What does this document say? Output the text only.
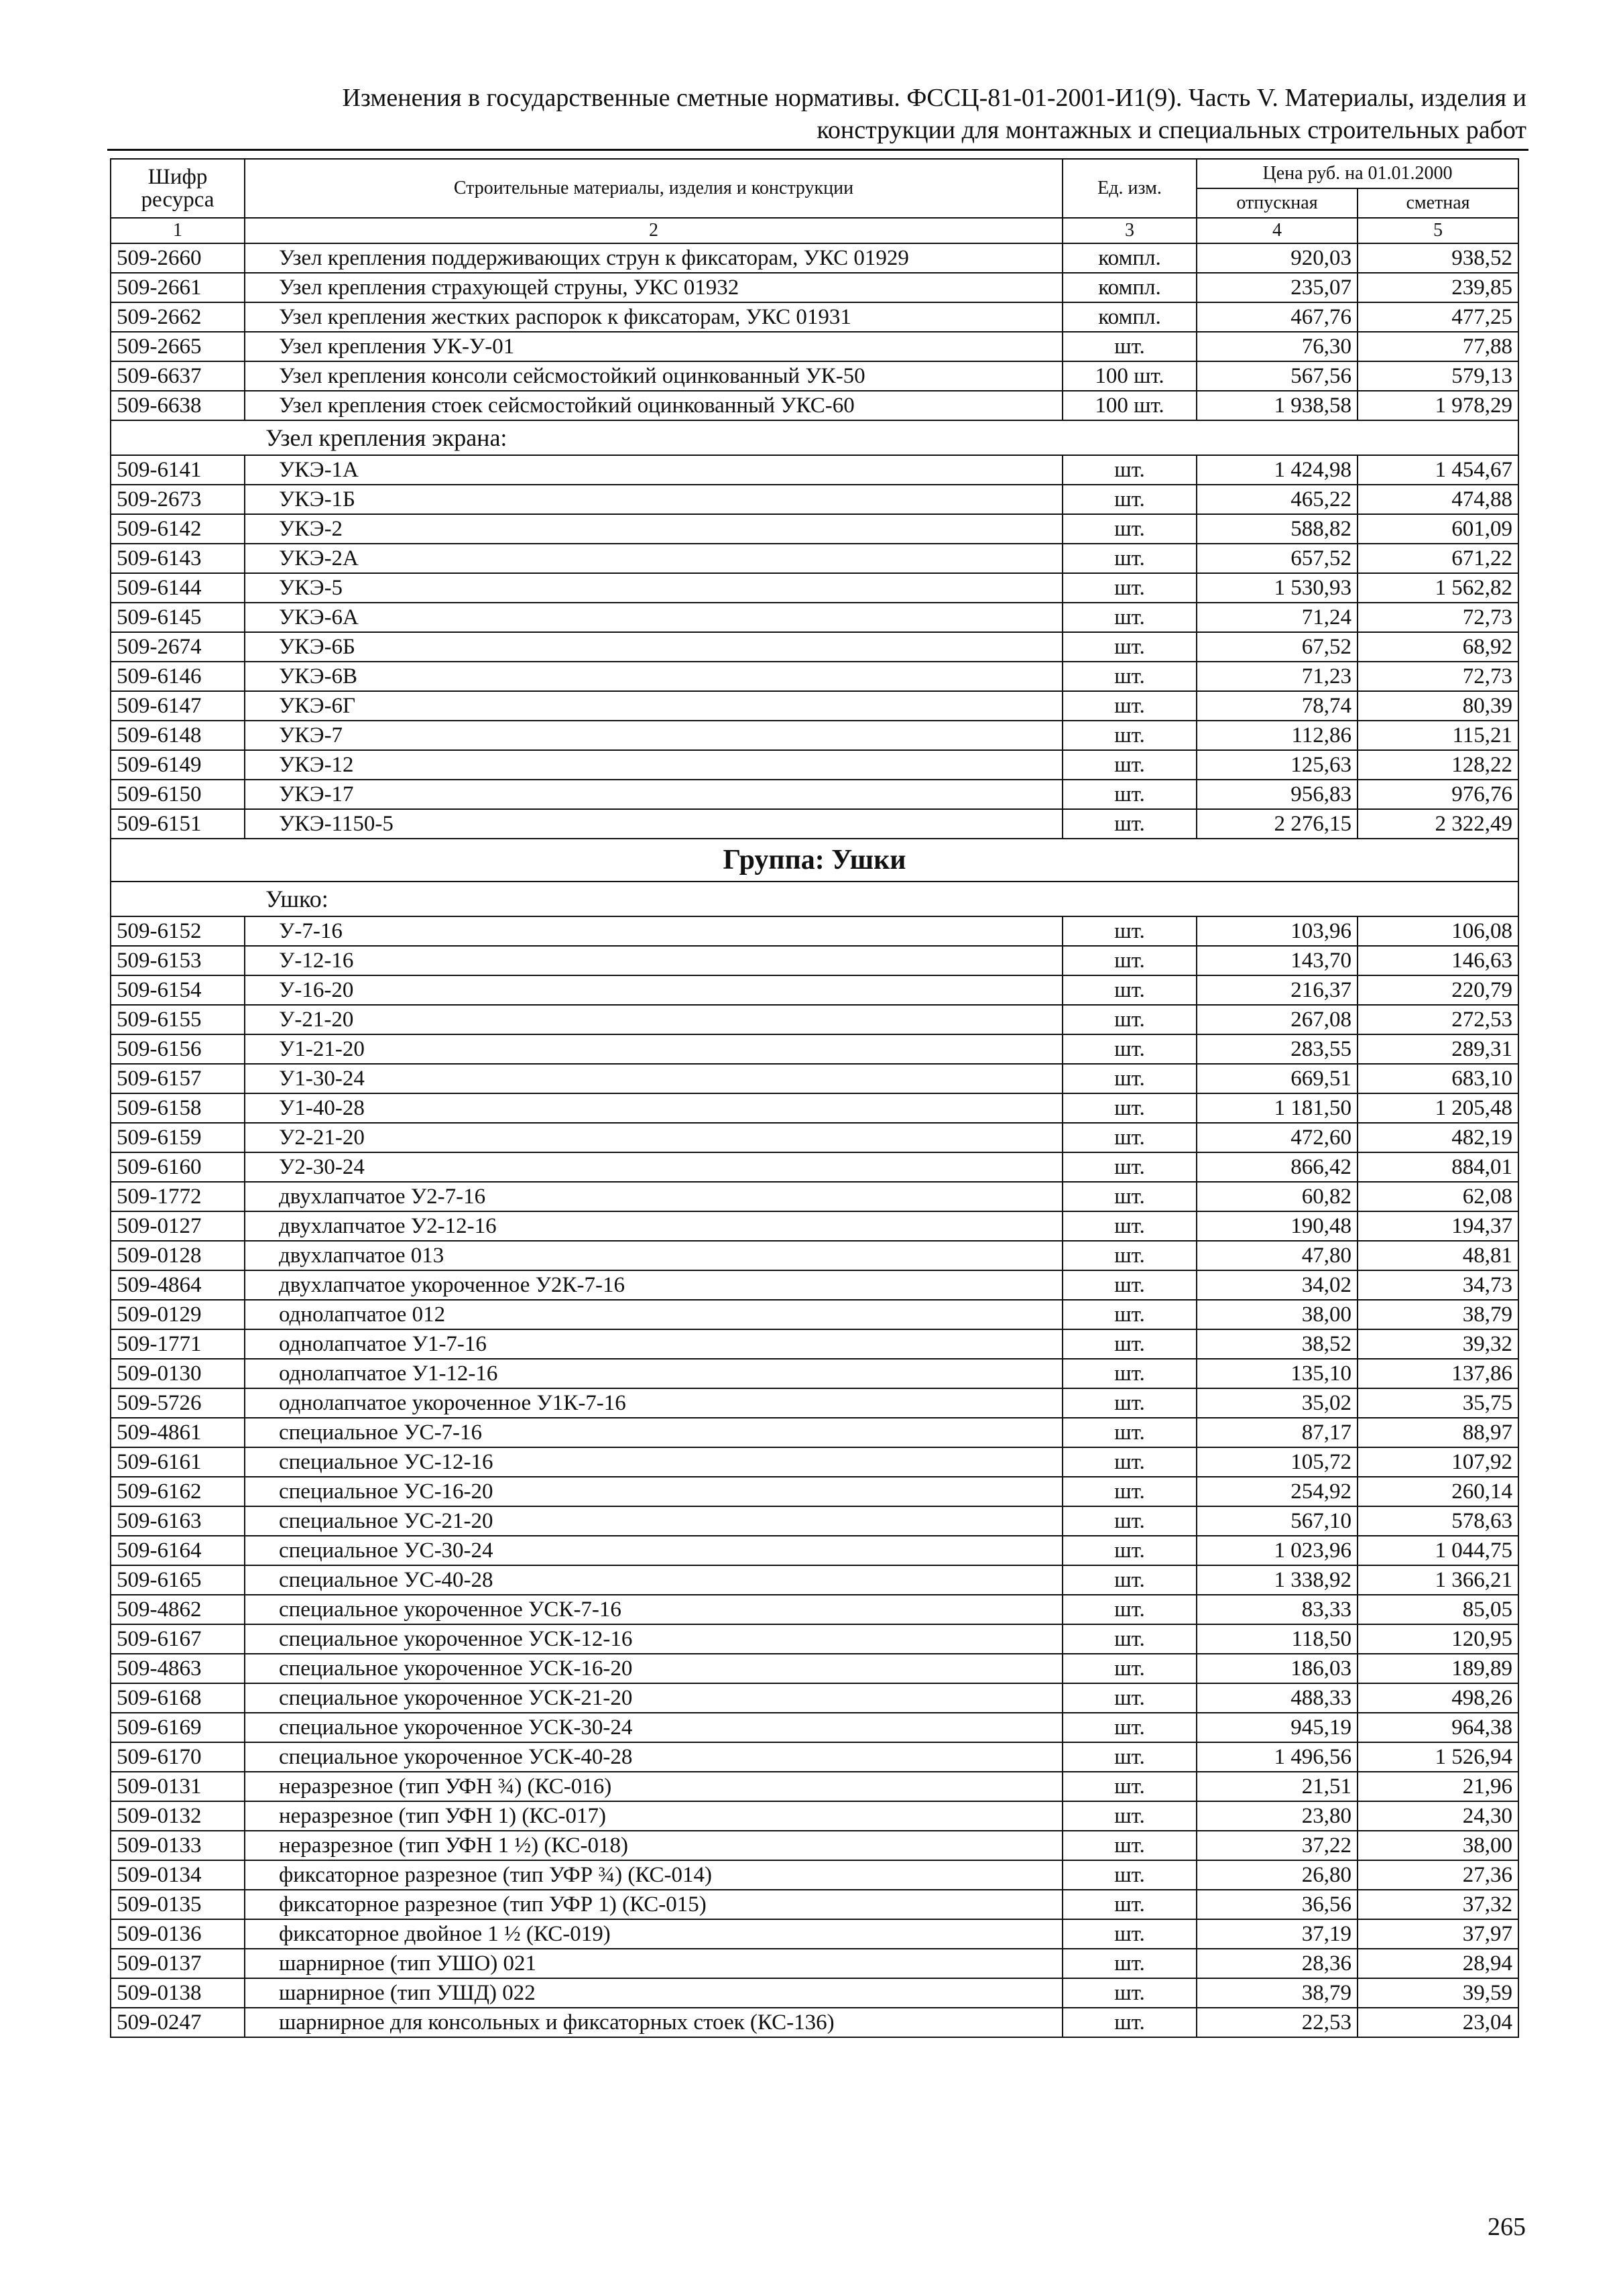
Изменения в государственные сметные нормативы. ФССЦ-81-01-2001-И1(9). Часть V. Материалы, изделия и
конструкции для монтажных и специальных строительных работ
Шифр ресурса	Строительные материалы, изделия и конструкции	Ед. изм.	Цена руб. на 01.01.2000	
			отпускная	сметная
1	2	3	4	5
509-2660	Узел крепления поддерживающих струн к фиксаторам, УКС 01929	компл.	920,03	938,52
509-2661	Узел крепления страхующей струны, УКС 01932	компл.	235,07	239,85
509-2662	Узел крепления жестких распорок к фиксаторам, УКС 01931	компл.	467,76	477,25
509-2665	Узел крепления УК-У-01	шт.	76,30	77,88
509-6637	Узел крепления консоли сейсмостойкий оцинкованный УК-50	100 шт.	567,56	579,13
509-6638	Узел крепления стоек сейсмостойкий оцинкованный УКС-60	100 шт.	1 938,58	1 978,29
Узел крепления экрана:				
509-6141	УКЭ-1А	шт.	1 424,98	1 454,67
509-2673	УКЭ-1Б	шт.	465,22	474,88
509-6142	УКЭ-2	шт.	588,82	601,09
509-6143	УКЭ-2А	шт.	657,52	671,22
509-6144	УКЭ-5	шт.	1 530,93	1 562,82
509-6145	УКЭ-6А	шт.	71,24	72,73
509-2674	УКЭ-6Б	шт.	67,52	68,92
509-6146	УКЭ-6В	шт.	71,23	72,73
509-6147	УКЭ-6Г	шт.	78,74	80,39
509-6148	УКЭ-7	шт.	112,86	115,21
509-6149	УКЭ-12	шт.	125,63	128,22
509-6150	УКЭ-17	шт.	956,83	976,76
509-6151	УКЭ-1150-5	шт.	2 276,15	2 322,49
Группа: Ушки				
Ушко:				
509-6152	У-7-16	шт.	103,96	106,08
509-6153	У-12-16	шт.	143,70	146,63
509-6154	У-16-20	шт.	216,37	220,79
509-6155	У-21-20	шт.	267,08	272,53
509-6156	У1-21-20	шт.	283,55	289,31
509-6157	У1-30-24	шт.	669,51	683,10
509-6158	У1-40-28	шт.	1 181,50	1 205,48
509-6159	У2-21-20	шт.	472,60	482,19
509-6160	У2-30-24	шт.	866,42	884,01
509-1772	двухлапчатое У2-7-16	шт.	60,82	62,08
509-0127	двухлапчатое У2-12-16	шт.	190,48	194,37
509-0128	двухлапчатое 013	шт.	47,80	48,81
509-4864	двухлапчатое укороченное У2К-7-16	шт.	34,02	34,73
509-0129	однолапчатое 012	шт.	38,00	38,79
509-1771	однолапчатое У1-7-16	шт.	38,52	39,32
509-0130	однолапчатое У1-12-16	шт.	135,10	137,86
509-5726	однолапчатое укороченное У1К-7-16	шт.	35,02	35,75
509-4861	специальное УС-7-16	шт.	87,17	88,97
509-6161	специальное УС-12-16	шт.	105,72	107,92
509-6162	специальное УС-16-20	шт.	254,92	260,14
509-6163	специальное УС-21-20	шт.	567,10	578,63
509-6164	специальное УС-30-24	шт.	1 023,96	1 044,75
509-6165	специальное УС-40-28	шт.	1 338,92	1 366,21
509-4862	специальное укороченное УСК-7-16	шт.	83,33	85,05
509-6167	специальное укороченное УСК-12-16	шт.	118,50	120,95
509-4863	специальное укороченное УСК-16-20	шт.	186,03	189,89
509-6168	специальное укороченное УСК-21-20	шт.	488,33	498,26
509-6169	специальное укороченное УСК-30-24	шт.	945,19	964,38
509-6170	специальное укороченное УСК-40-28	шт.	1 496,56	1 526,94
509-0131	неразрезное (тип УФН ¾) (КС-016)	шт.	21,51	21,96
509-0132	неразрезное (тип УФН 1) (КС-017)	шт.	23,80	24,30
509-0133	неразрезное (тип УФН 1 ½) (КС-018)	шт.	37,22	38,00
509-0134	фиксаторное разрезное (тип УФР ¾) (КС-014)	шт.	26,80	27,36
509-0135	фиксаторное разрезное (тип УФР 1) (КС-015)	шт.	36,56	37,32
509-0136	фиксаторное двойное 1 ½ (КС-019)	шт.	37,19	37,97
509-0137	шарнирное (тип УШО) 021	шт.	28,36	28,94
509-0138	шарнирное (тип УШД) 022	шт.	38,79	39,59
509-0247	шарнирное для консольных и фиксаторных стоек (КС-136)	шт.	22,53	23,04
265
